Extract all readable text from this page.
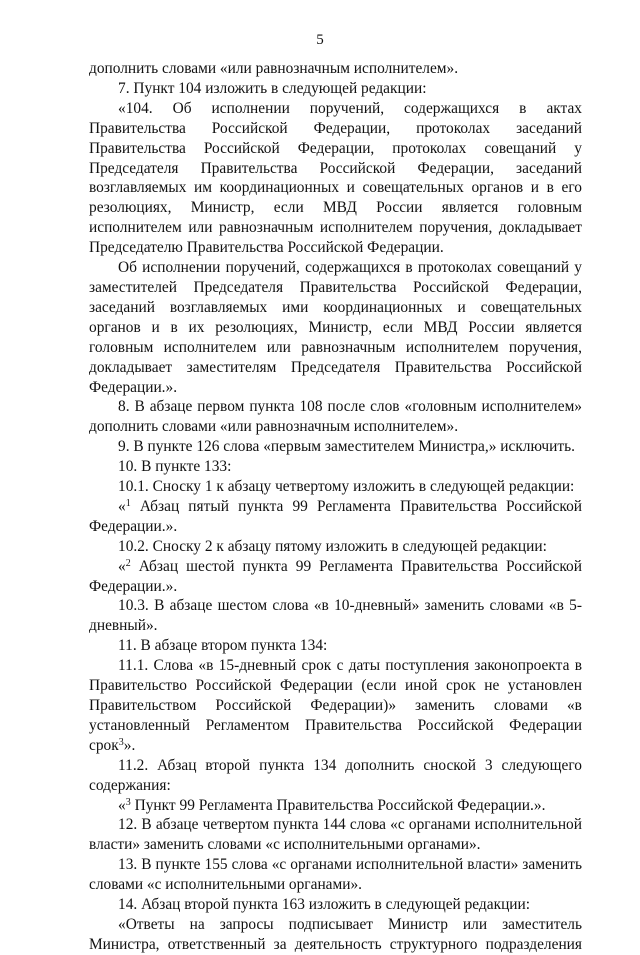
5

дополнить словами «или равнозначным исполнителем».

7. Пункт 104 изложить в следующей редакции:

«104. Об исполнении поручений, содержащихся в актах Правительства Российской Федерации, протоколах заседаний Правительства Российской Федерации, протоколах совещаний у Председателя Правительства Российской Федерации, заседаний возглавляемых им координационных и совещательных органов и в его резолюциях, Министр, если МВД России является головным исполнителем или равнозначным исполнителем поручения, докладывает Председателю Правительства Российской Федерации.

Об исполнении поручений, содержащихся в протоколах совещаний у заместителей Председателя Правительства Российской Федерации, заседаний возглавляемых ими координационных и совещательных органов и в их резолюциях, Министр, если МВД России является головным исполнителем или равнозначным исполнителем поручения, докладывает заместителям Председателя Правительства Российской Федерации.».

8. В абзаце первом пункта 108 после слов «головным исполнителем» дополнить словами «или равнозначным исполнителем».

9. В пункте 126 слова «первым заместителем Министра,» исключить.

10. В пункте 133:

10.1. Сноску 1 к абзацу четвертому изложить в следующей редакции:

«$^1$ Абзац пятый пункта 99 Регламента Правительства Российской Федерации.».

10.2. Сноску 2 к абзацу пятому изложить в следующей редакции:

«$^2$ Абзац шестой пункта 99 Регламента Правительства Российской Федерации.».

10.3. В абзаце шестом слова «в 10-дневный» заменить словами «в 5-дневный».

11. В абзаце втором пункта 134:

11.1. Слова «в 15-дневный срок с даты поступления законопроекта в Правительство Российской Федерации (если иной срок не установлен Правительством Российской Федерации)» заменить словами «в установленный Регламентом Правительства Российской Федерации срок$^3$».

11.2. Абзац второй пункта 134 дополнить сноской 3 следующего содержания:

«$^3$ Пункт 99 Регламента Правительства Российской Федерации.».

12. В абзаце четвертом пункта 144 слова «с органами исполнительной власти» заменить словами «с исполнительными органами».

13. В пункте 155 слова «с органами исполнительной власти» заменить словами «с исполнительными органами».

14. Абзац второй пункта 163 изложить в следующей редакции:

«Ответы на запросы подписывает Министр или заместитель Министра, ответственный за деятельность структурного подразделения
